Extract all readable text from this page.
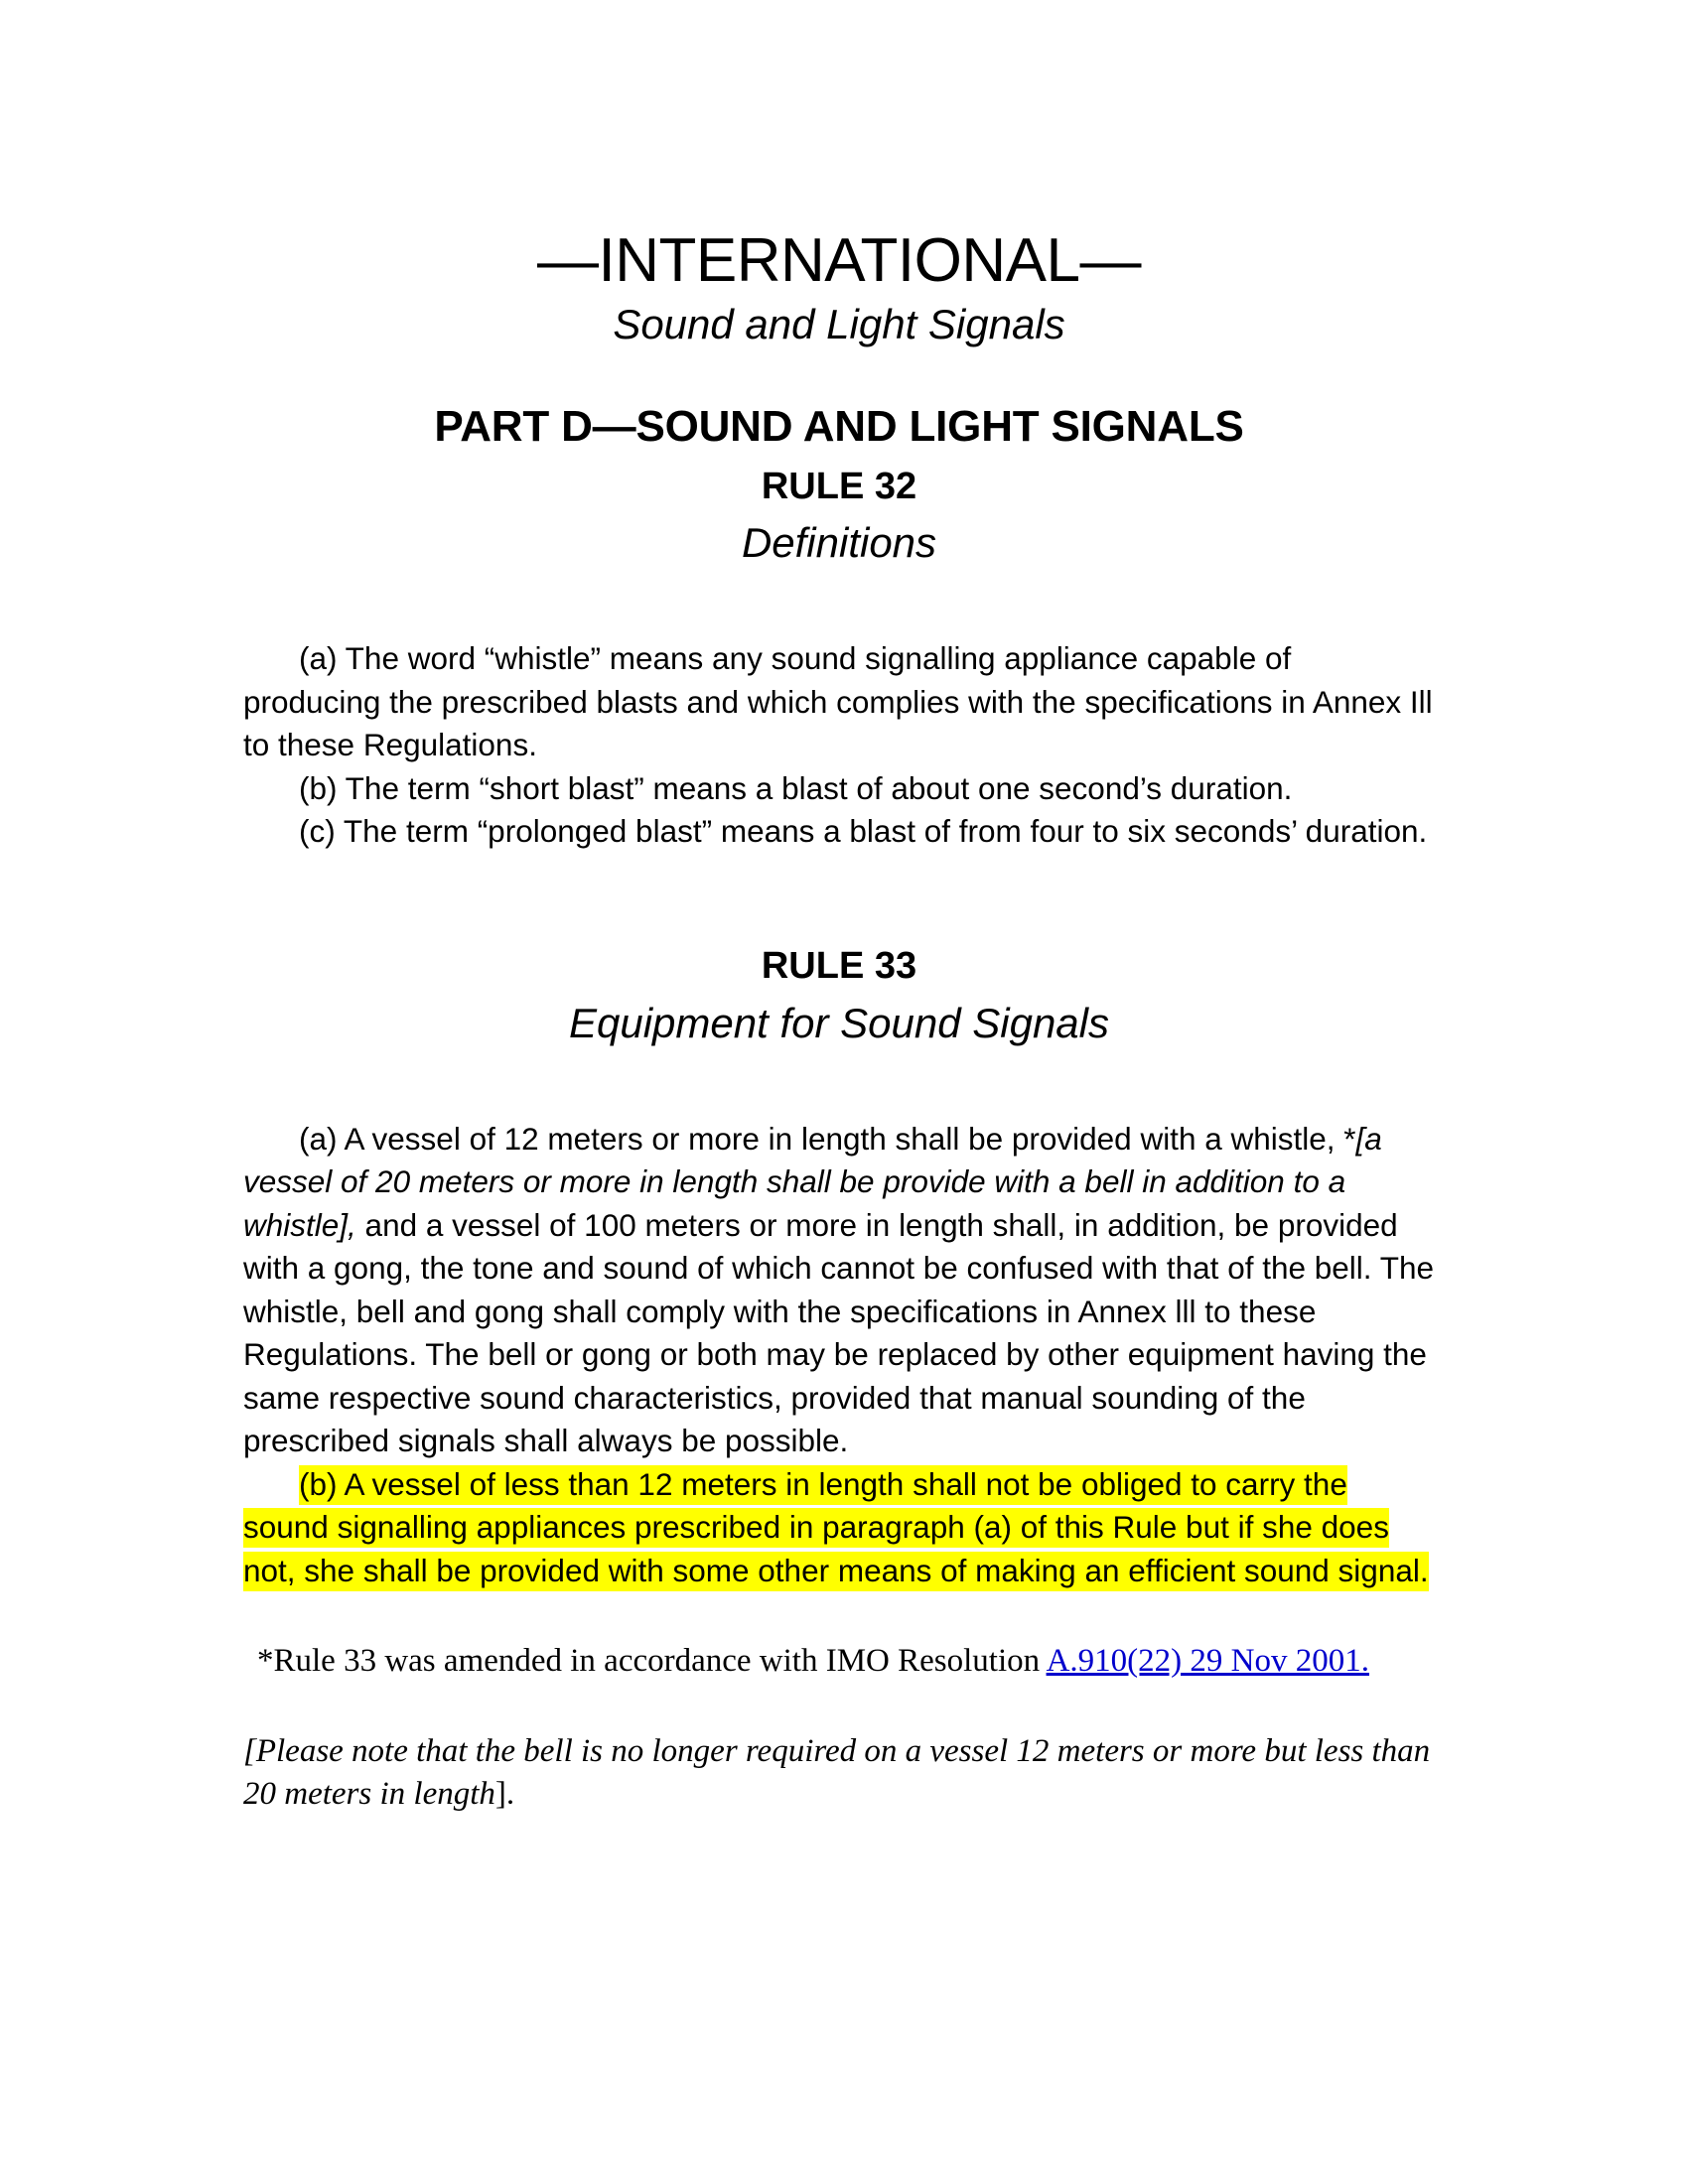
—INTERNATIONAL—
Sound and Light Signals
PART D—SOUND AND LIGHT SIGNALS
RULE 32
Definitions

(a) The word “whistle” means any sound signalling appliance capable of producing the prescribed blasts and which complies with the specifications in Annex Ill to these Regulations.

(b) The term “short blast” means a blast of about one second’s duration.

(c) The term “prolonged blast” means a blast of from four to six seconds’ duration.

RULE 33
Equipment for Sound Signals

(a) A vessel of 12 meters or more in length shall be provided with a whistle, *[a vessel of 20 meters or more in length shall be provide with a bell in addition to a whistle], and a vessel of 100 meters or more in length shall, in addition, be provided with a gong, the tone and sound of which cannot be confused with that of the bell. The whistle, bell and gong shall comply with the specifications in Annex lll to these Regulations. The bell or gong or both may be replaced by other equipment having the same respective sound characteristics, provided that manual sounding of the prescribed signals shall always be possible.

(b) A vessel of less than 12 meters in length shall not be obliged to carry the sound signalling appliances prescribed in paragraph (a) of this Rule but if she does not, she shall be provided with some other means of making an efficient sound signal.

*Rule 33 was amended in accordance with IMO Resolution A.910(22) 29 Nov 2001.

[Please note that the bell is no longer required on a vessel 12 meters or more but less than 20 meters in length].
